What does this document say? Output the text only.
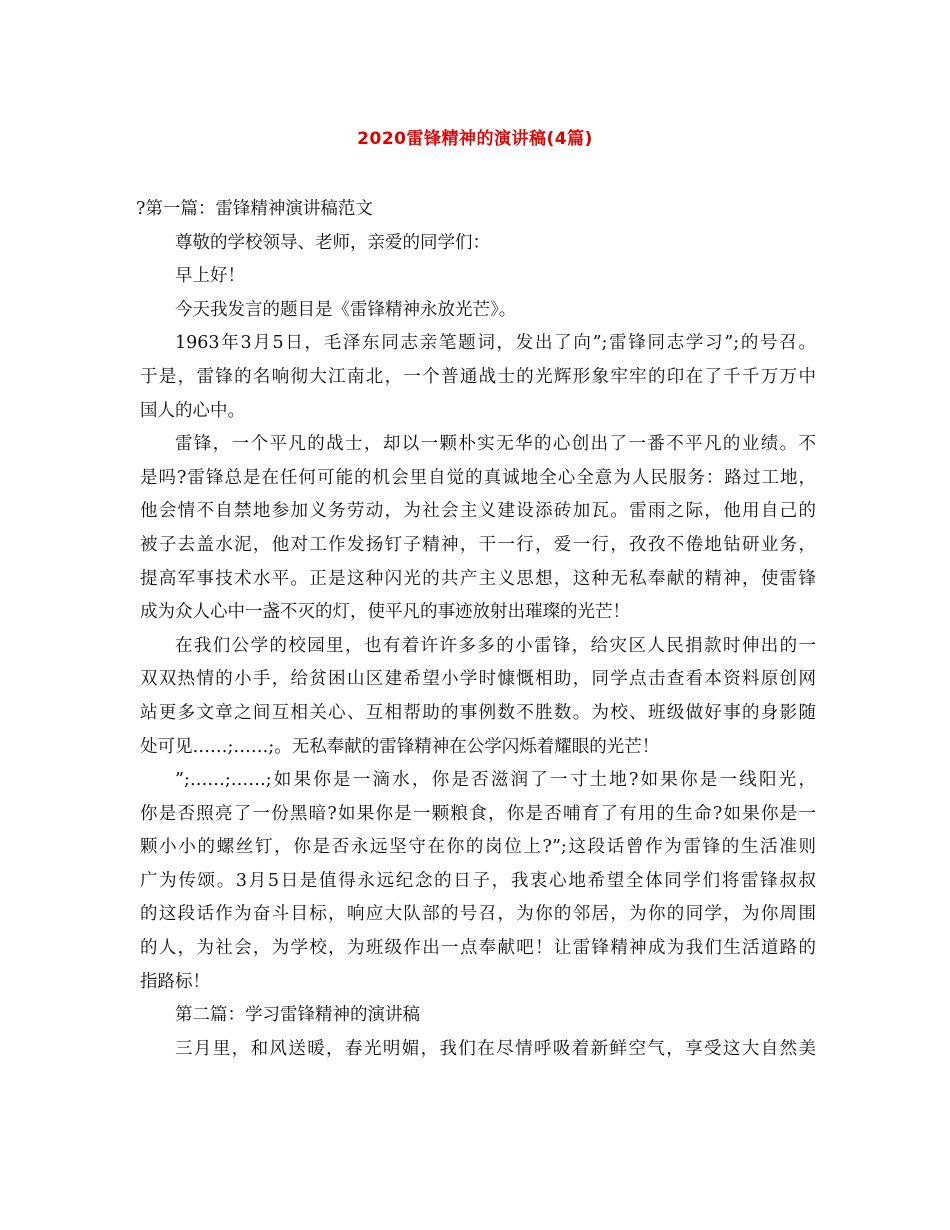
2020雷锋精神的演讲稿(4篇)
?第一篇：雷锋精神演讲稿范文
尊敬的学校领导、老师，亲爱的同学们：
早上好！
今天我发言的题目是《雷锋精神永放光芒》。
1963年3月5日，毛泽东同志亲笔题词，发出了向”;雷锋同志学习”;的号召。
于是，雷锋的名响彻大江南北，一个普通战士的光辉形象牢牢的印在了千千万万中
国人的心中。
雷锋，一个平凡的战士，却以一颗朴实无华的心创出了一番不平凡的业绩。不
是吗?雷锋总是在任何可能的机会里自觉的真诚地全心全意为人民服务：路过工地，
他会情不自禁地参加义务劳动，为社会主义建设添砖加瓦。雷雨之际，他用自己的
被子去盖水泥，他对工作发扬钉子精神，干一行，爱一行，孜孜不倦地钻研业务，
提高军事技术水平。正是这种闪光的共产主义思想，这种无私奉献的精神，使雷锋
成为众人心中一盏不灭的灯，使平凡的事迹放射出璀璨的光芒！
在我们公学的校园里，也有着许许多多的小雷锋，给灾区人民捐款时伸出的一
双双热情的小手，给贫困山区建希望小学时慷慨相助，同学点击查看本资料原创网
站更多文章之间互相关心、互相帮助的事例数不胜数。为校、班级做好事的身影随
处可见……;……;。无私奉献的雷锋精神在公学闪烁着耀眼的光芒！
”;……;……;如果你是一滴水，你是否滋润了一寸土地?如果你是一线阳光，
你是否照亮了一份黑暗?如果你是一颗粮食，你是否哺育了有用的生命?如果你是一
颗小小的螺丝钉，你是否永远坚守在你的岗位上?”;这段话曾作为雷锋的生活准则
广为传颂。3月5日是值得永远纪念的日子，我衷心地希望全体同学们将雷锋叔叔
的这段话作为奋斗目标，响应大队部的号召，为你的邻居，为你的同学，为你周围
的人，为社会，为学校，为班级作出一点奉献吧！让雷锋精神成为我们生活道路的
指路标！
第二篇：学习雷锋精神的演讲稿
三月里，和风送暖，春光明媚，我们在尽情呼吸着新鲜空气，享受这大自然美
